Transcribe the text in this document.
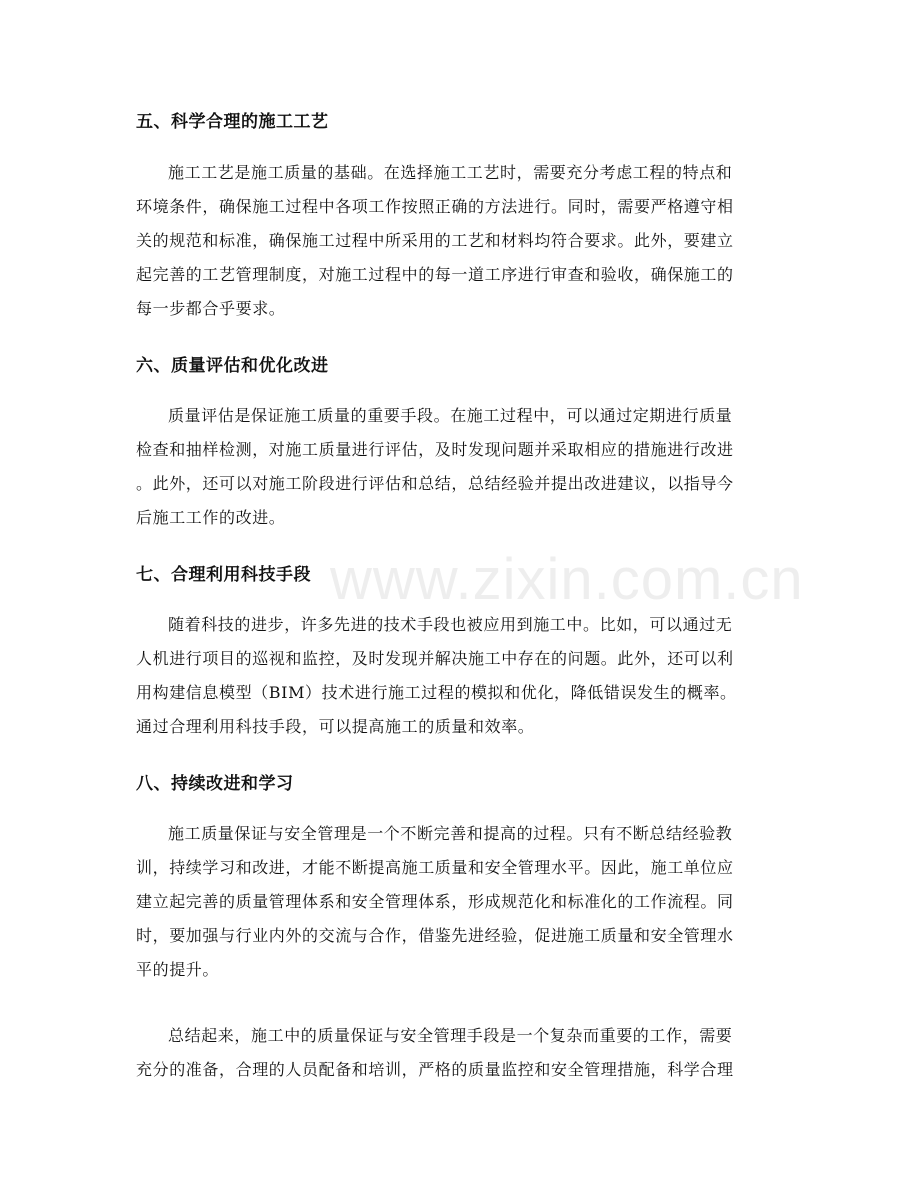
www.zixin.com.cn
五、科学合理的施工工艺

施工工艺是施工质量的基础。在选择施工工艺时，需要充分考虑工程的特点和

环境条件，确保施工过程中各项工作按照正确的方法进行。同时，需要严格遵守相

关的规范和标准，确保施工过程中所采用的工艺和材料均符合要求。此外，要建立

起完善的工艺管理制度，对施工过程中的每一道工序进行审查和验收，确保施工的

每一步都合乎要求。

六、质量评估和优化改进

质量评估是保证施工质量的重要手段。在施工过程中，可以通过定期进行质量

检查和抽样检测，对施工质量进行评估，及时发现问题并采取相应的措施进行改进

。此外，还可以对施工阶段进行评估和总结，总结经验并提出改进建议，以指导今

后施工工作的改进。

七、合理利用科技手段

随着科技的进步，许多先进的技术手段也被应用到施工中。比如，可以通过无

人机进行项目的巡视和监控，及时发现并解决施工中存在的问题。此外，还可以利

用构建信息模型（BIM）技术进行施工过程的模拟和优化，降低错误发生的概率。

通过合理利用科技手段，可以提高施工的质量和效率。

八、持续改进和学习

施工质量保证与安全管理是一个不断完善和提高的过程。只有不断总结经验教

训，持续学习和改进，才能不断提高施工质量和安全管理水平。因此，施工单位应

建立起完善的质量管理体系和安全管理体系，形成规范化和标准化的工作流程。同

时，要加强与行业内外的交流与合作，借鉴先进经验，促进施工质量和安全管理水

平的提升。

总结起来，施工中的质量保证与安全管理手段是一个复杂而重要的工作，需要

充分的准备，合理的人员配备和培训，严格的质量监控和安全管理措施，科学合理
